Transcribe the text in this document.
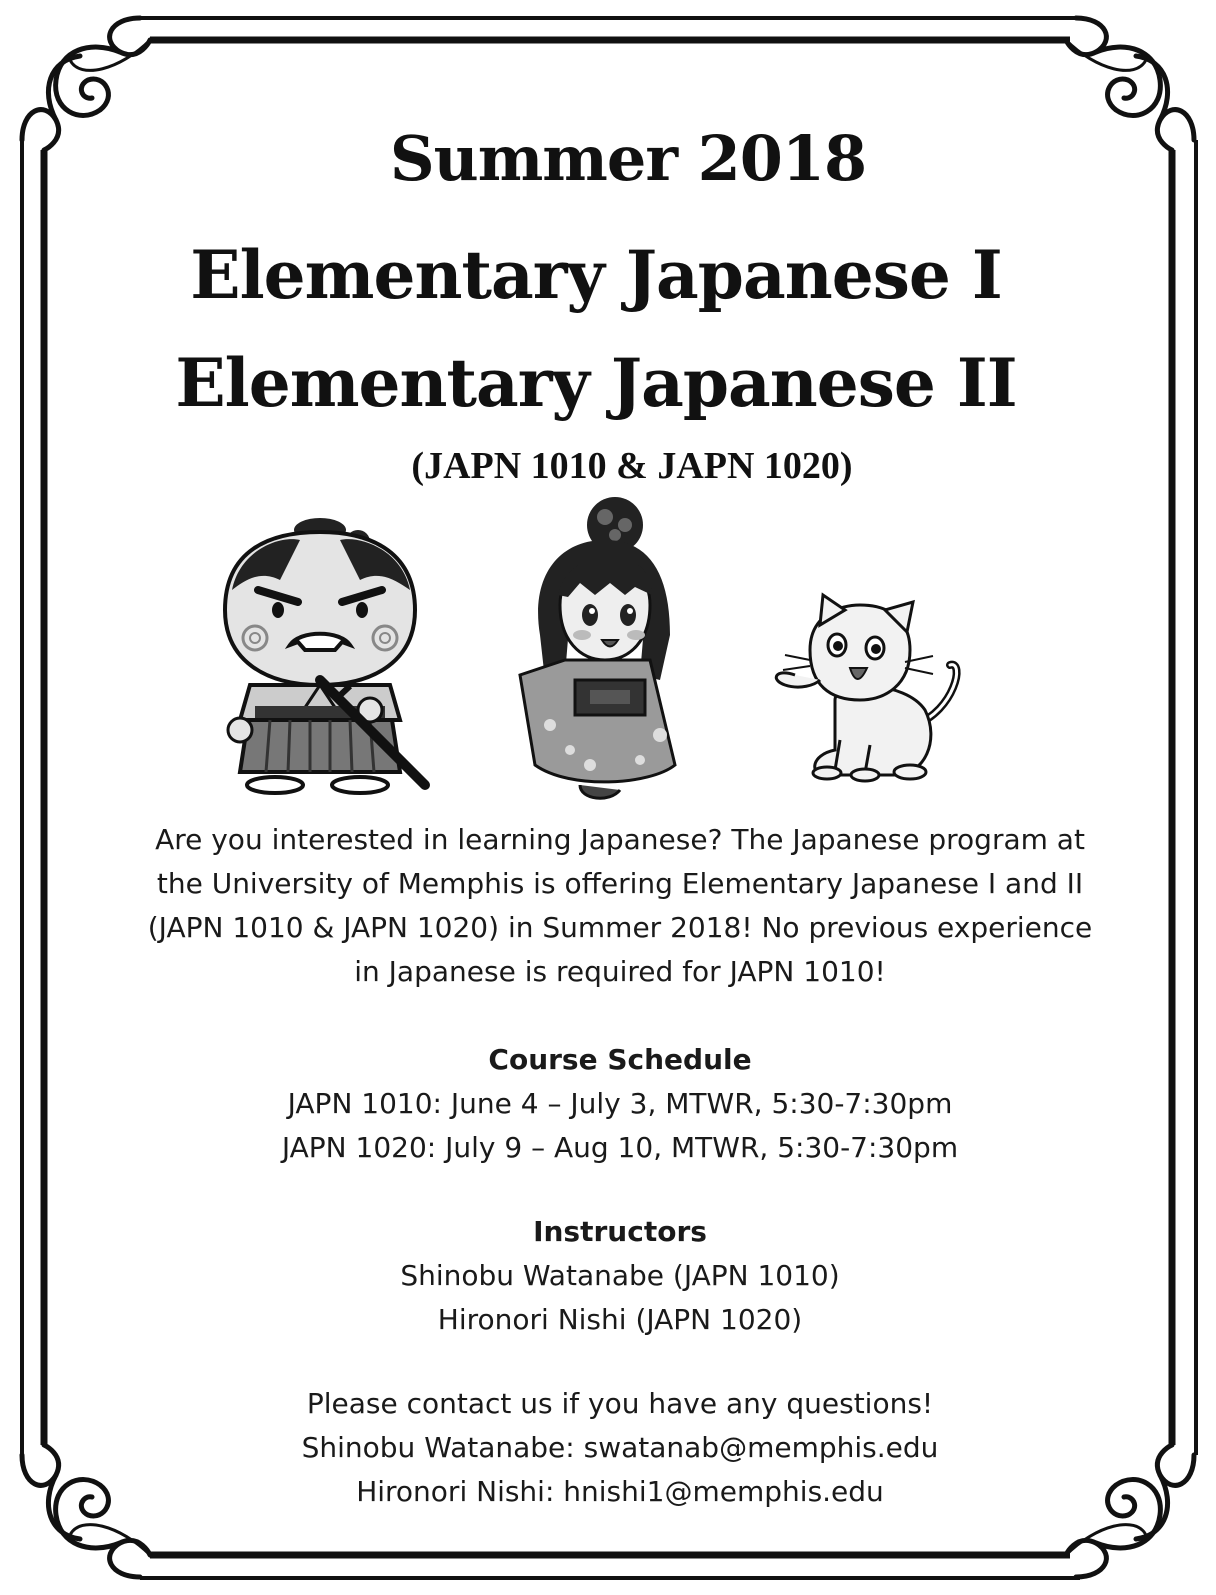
Summer 2018
Elementary Japanese I
Elementary Japanese II
(JAPN 1010 & JAPN 1020)
Are you interested in learning Japanese? The Japanese program at
the University of Memphis is offering Elementary Japanese I and II
(JAPN 1010 & JAPN 1020) in Summer 2018! No previous experience
in Japanese is required for JAPN 1010!
Course Schedule
JAPN 1010: June 4 – July 3, MTWR, 5:30-7:30pm
JAPN 1020: July 9 – Aug 10, MTWR, 5:30-7:30pm
Instructors
Shinobu Watanabe (JAPN 1010)
Hironori Nishi (JAPN 1020)
Please contact us if you have any questions!
Shinobu Watanabe: swatanab@memphis.edu
Hironori Nishi: hnishi1@memphis.edu
